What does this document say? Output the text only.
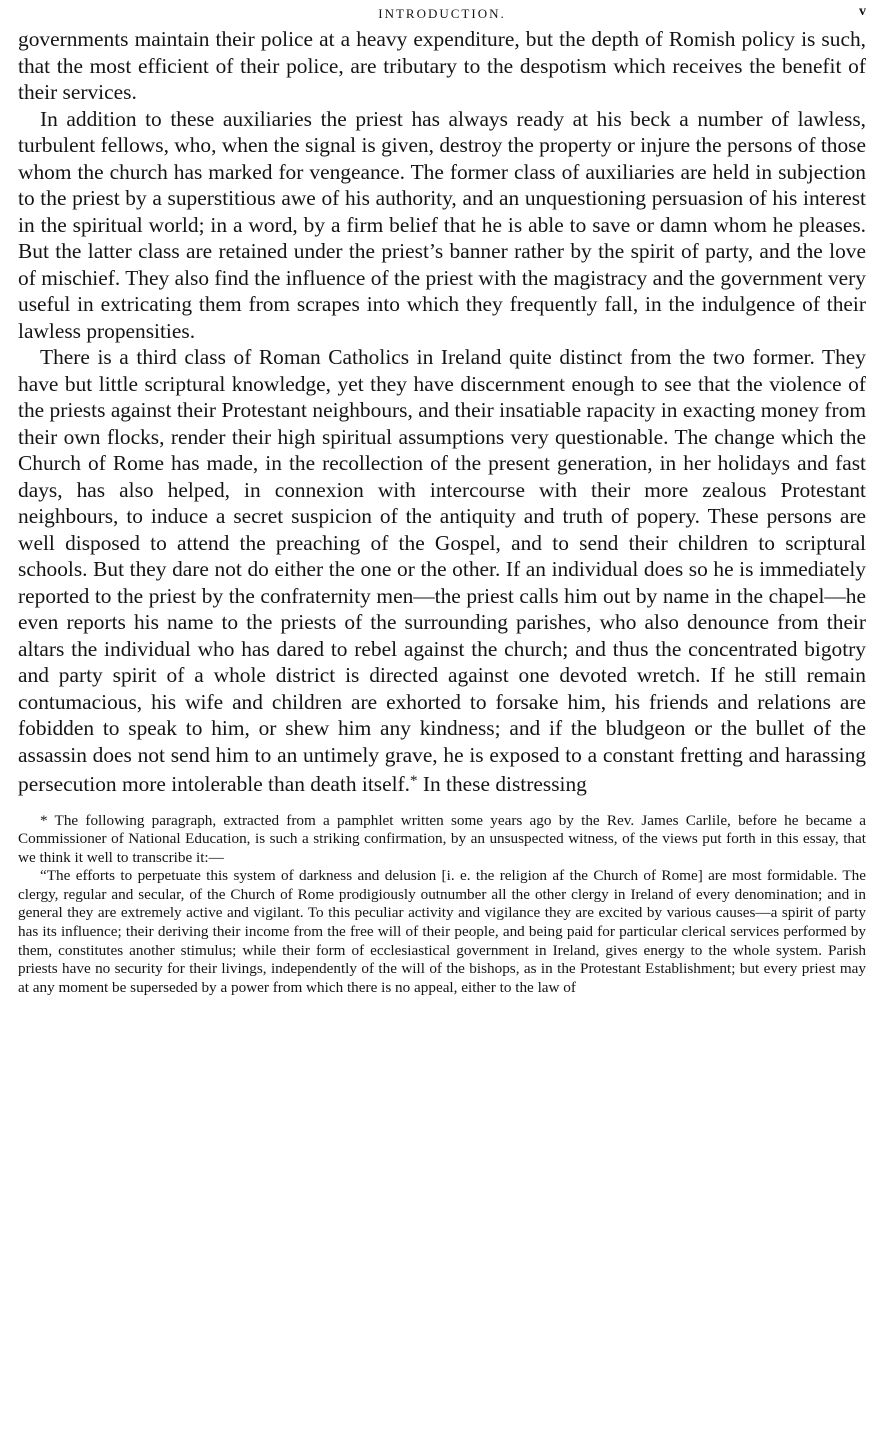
INTRODUCTION.	v

governments maintain their police at a heavy expenditure, but the depth of Romish policy is such, that the most efficient of their police, are tributary to the despotism which receives the benefit of their services.

In addition to these auxiliaries the priest has always ready at his beck a number of lawless, turbulent fellows, who, when the signal is given, destroy the property or injure the persons of those whom the church has marked for vengeance. The former class of auxiliaries are held in subjection to the priest by a superstitious awe of his authority, and an unquestioning persuasion of his interest in the spiritual world; in a word, by a firm belief that he is able to save or damn whom he pleases. But the latter class are retained under the priest’s banner rather by the spirit of party, and the love of mischief. They also find the influence of the priest with the magistracy and the government very useful in extricating them from scrapes into which they frequently fall, in the indulgence of their lawless propensities.

There is a third class of Roman Catholics in Ireland quite distinct from the two former. They have but little scriptural knowledge, yet they have discernment enough to see that the violence of the priests against their Protestant neighbours, and their insatiable rapacity in exacting money from their own flocks, render their high spiritual assumptions very questionable. The change which the Church of Rome has made, in the recollection of the present generation, in her holidays and fast days, has also helped, in connexion with intercourse with their more zealous Protestant neighbours, to induce a secret suspicion of the antiquity and truth of popery. These persons are well disposed to attend the preaching of the Gospel, and to send their children to scriptural schools. But they dare not do either the one or the other. If an individual does so he is immediately reported to the priest by the confraternity men—the priest calls him out by name in the chapel—he even reports his name to the priests of the surrounding parishes, who also denounce from their altars the individual who has dared to rebel against the church; and thus the concentrated bigotry and party spirit of a whole district is directed against one devoted wretch. If he still remain contumacious, his wife and children are exhorted to forsake him, his friends and relations are fobidden to speak to him, or shew him any kindness; and if the bludgeon or the bullet of the assassin does not send him to an untimely grave, he is exposed to a constant fretting and harassing persecution more intolerable than death itself.* In these distressing

* The following paragraph, extracted from a pamphlet written some years ago by the Rev. James Carlile, before he became a Commissioner of National Education, is such a striking confirmation, by an unsuspected witness, of the views put forth in this essay, that we think it well to transcribe it:—

“The efforts to perpetuate this system of darkness and delusion [i. e. the religion af the Church of Rome] are most formidable. The clergy, regular and secular, of the Church of Rome prodigiously outnumber all the other clergy in Ireland of every denomination; and in general they are extremely active and vigilant. To this peculiar activity and vigilance they are excited by various causes—a spirit of party has its influence; their deriving their income from the free will of their people, and being paid for particular clerical services performed by them, constitutes another stimulus; while their form of ecclesiastical government in Ireland, gives energy to the whole system. Parish priests have no security for their livings, independently of the will of the bishops, as in the Protestant Establishment; but every priest may at any moment be superseded by a power from which there is no appeal, either to the law of
